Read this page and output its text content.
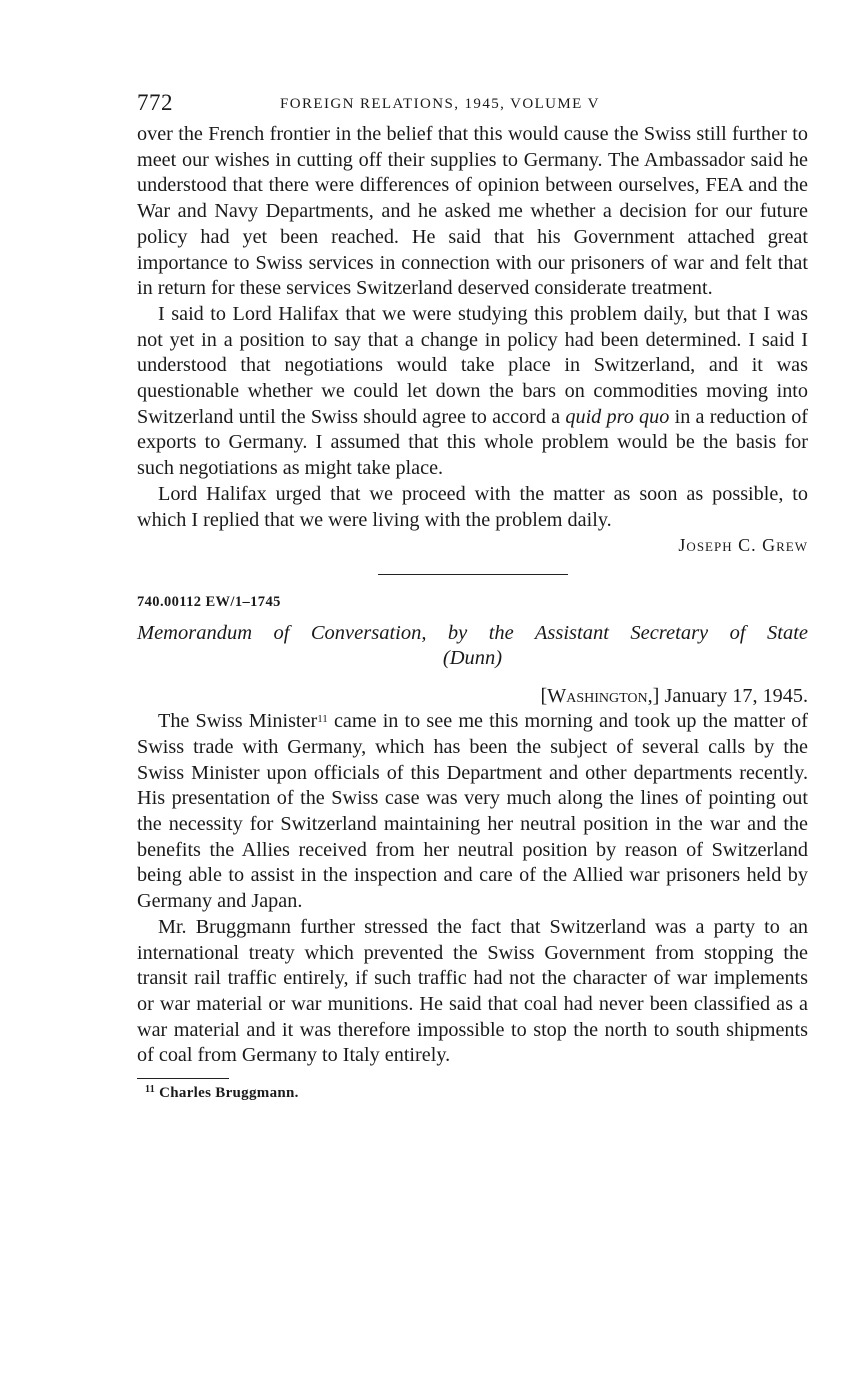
772	FOREIGN RELATIONS, 1945, VOLUME V

over the French frontier in the belief that this would cause the Swiss still further to meet our wishes in cutting off their supplies to Germany. The Ambassador said he understood that there were differences of opinion between ourselves, FEA and the War and Navy Departments, and he asked me whether a decision for our future policy had yet been reached. He said that his Government attached great importance to Swiss services in connection with our prisoners of war and felt that in return for these services Switzerland deserved considerate treatment.

I said to Lord Halifax that we were studying this problem daily, but that I was not yet in a position to say that a change in policy had been determined. I said I understood that negotiations would take place in Switzerland, and it was questionable whether we could let down the bars on commodities moving into Switzerland until the Swiss should agree to accord a quid pro quo in a reduction of exports to Germany. I assumed that this whole problem would be the basis for such negotiations as might take place.

Lord Halifax urged that we proceed with the matter as soon as possible, to which I replied that we were living with the problem daily.

Joseph C. Grew
740.00112 EW/1–1745
Memorandum of Conversation, by the Assistant Secretary of State
(Dunn)
[Washington,] January 17, 1945.

The Swiss Minister$^{11}$ came in to see me this morning and took up the matter of Swiss trade with Germany, which has been the subject of several calls by the Swiss Minister upon officials of this Department and other departments recently. His presentation of the Swiss case was very much along the lines of pointing out the necessity for Switzerland maintaining her neutral position in the war and the benefits the Allies received from her neutral position by reason of Switzerland being able to assist in the inspection and care of the Allied war prisoners held by Germany and Japan.

Mr. Bruggmann further stressed the fact that Switzerland was a party to an international treaty which prevented the Swiss Government from stopping the transit rail traffic entirely, if such traffic had not the character of war implements or war material or war munitions. He said that coal had never been classified as a war material and it was therefore impossible to stop the north to south shipments of coal from Germany to Italy entirely.

$^{11}$ Charles Bruggmann.
